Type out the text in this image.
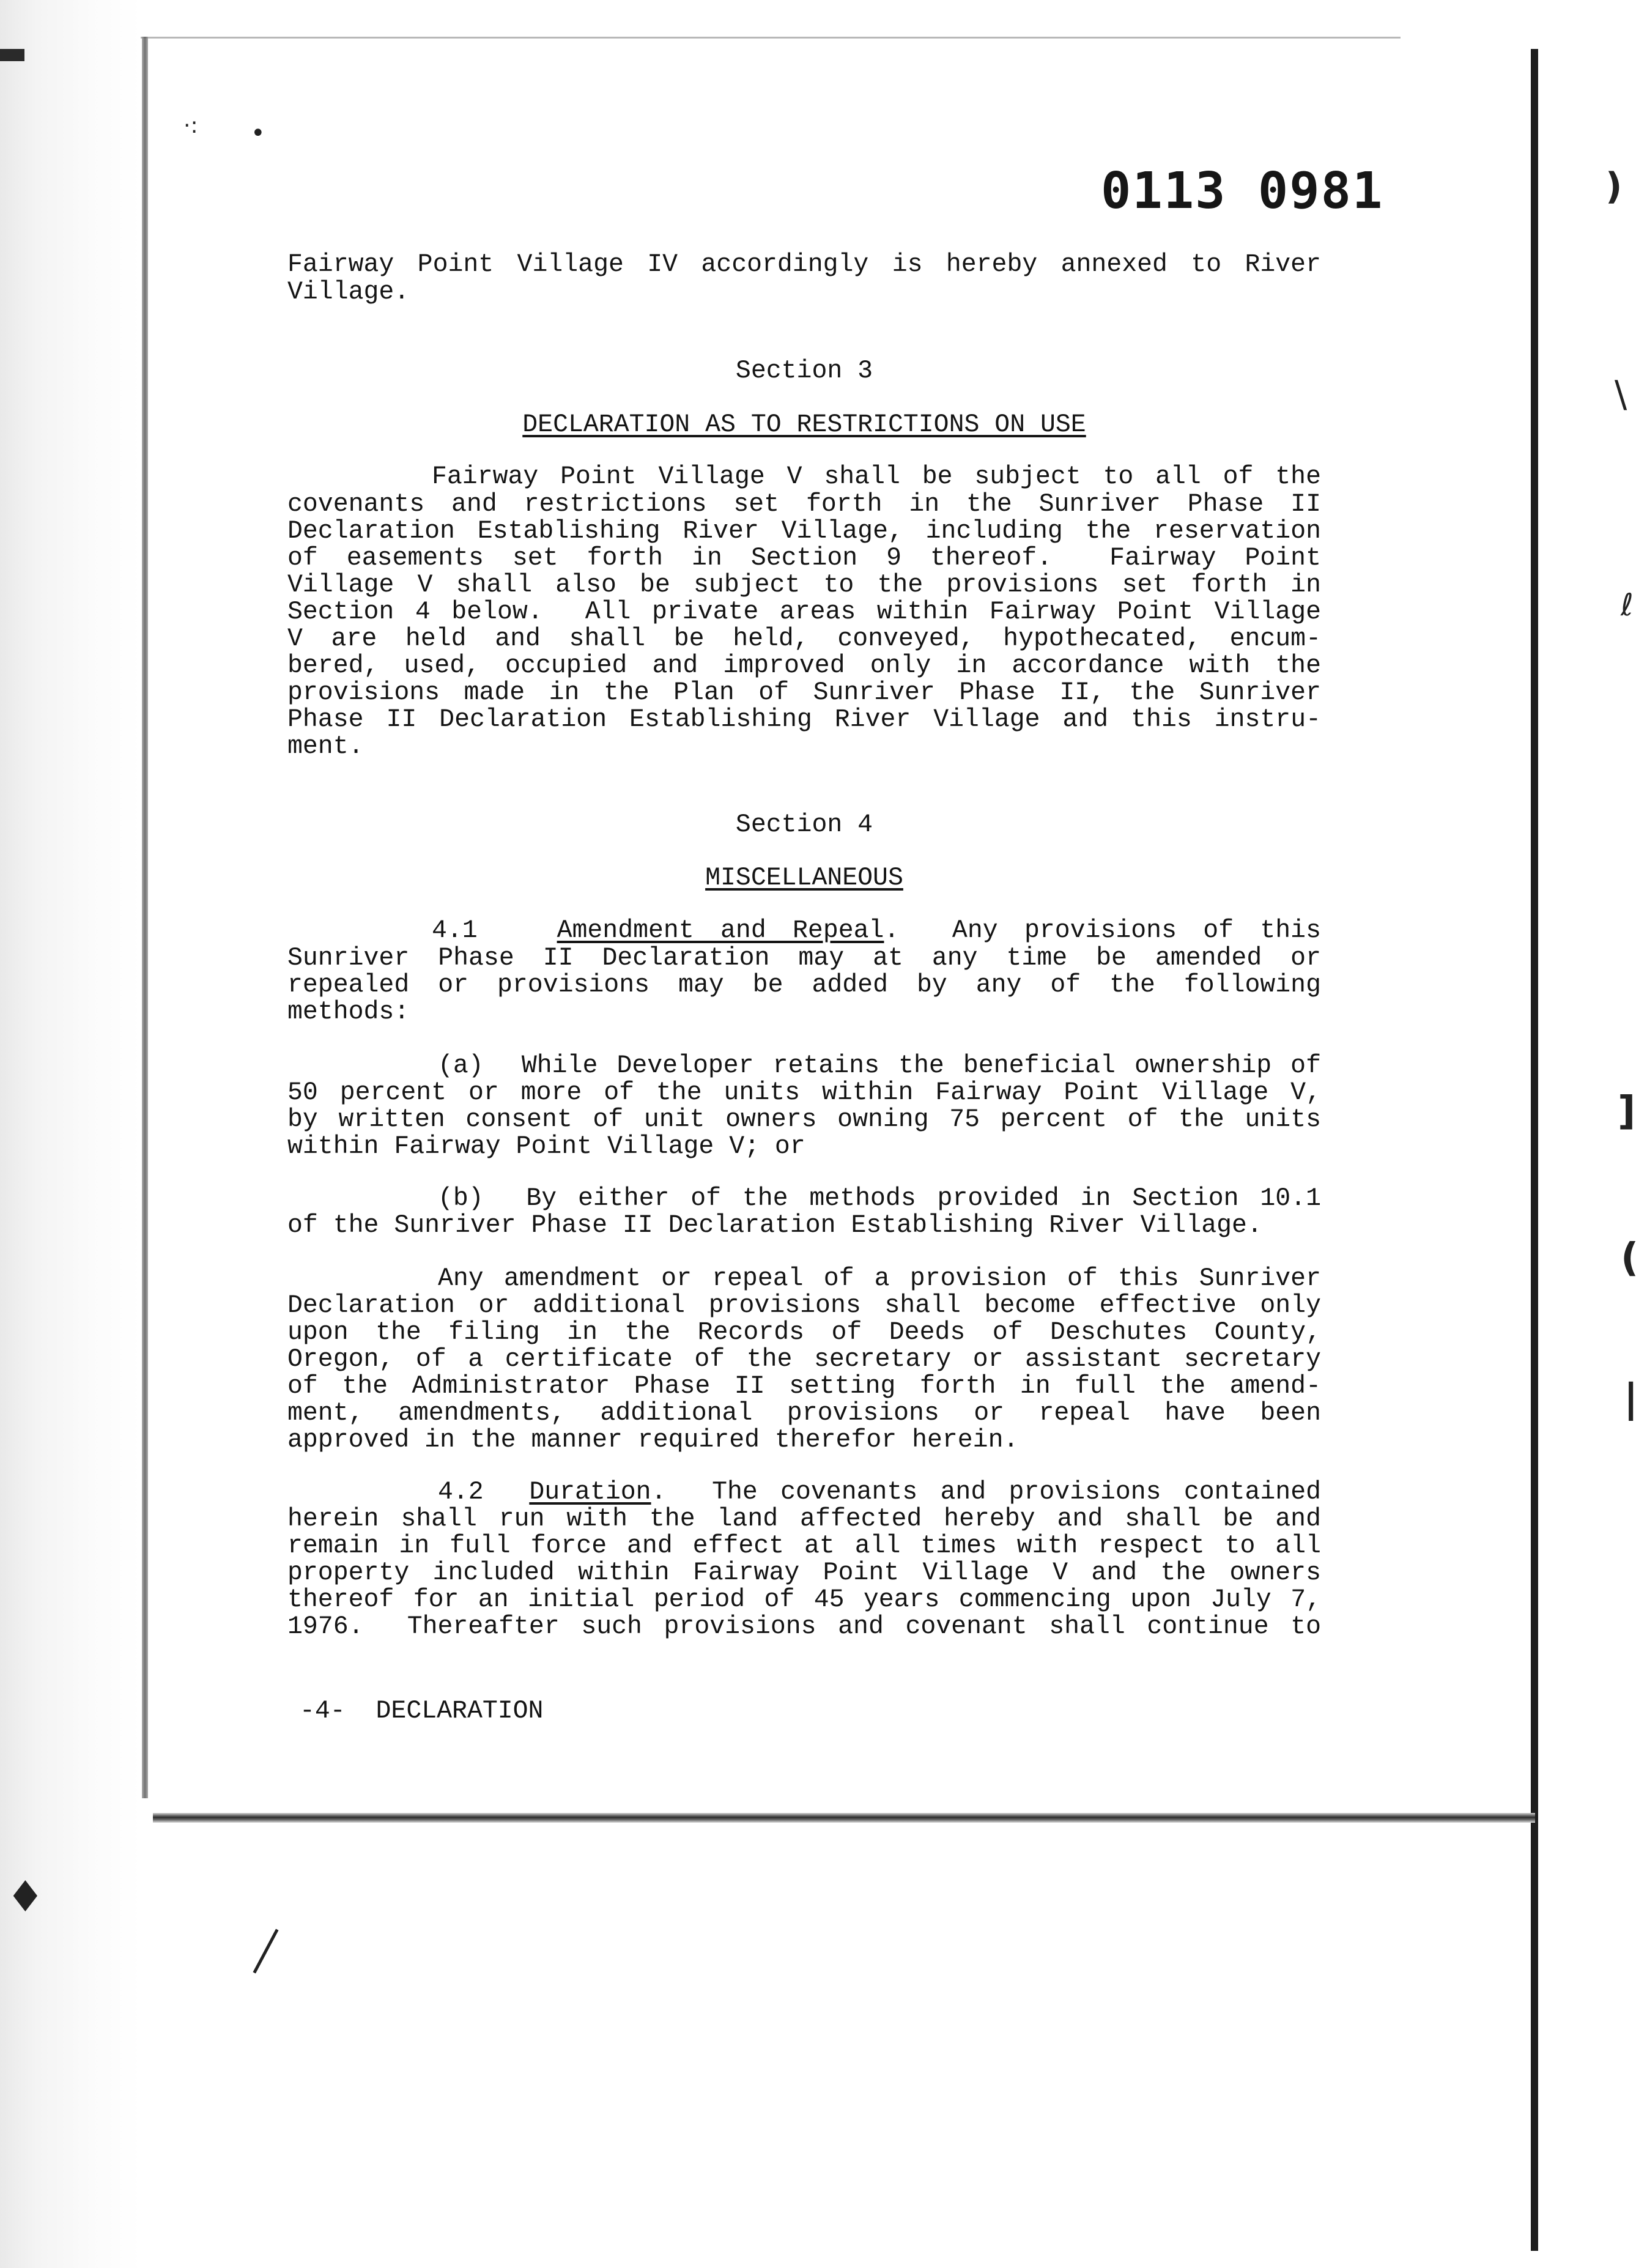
·: •
)
\
ℓ
]
(
|
♦
0113 0981

Fairway Point Village IV accordingly is hereby annexed to River

Village.

Section 3

DECLARATION AS TO RESTRICTIONS ON USE

Fairway Point Village V shall be subject to all of the

covenants and restrictions set forth in the Sunriver Phase II

Declaration Establishing River Village, including the reservation

of easements set forth in Section 9 thereof.  Fairway Point

Village V shall also be subject to the provisions set forth in

Section 4 below.  All private areas within Fairway Point Village

V are held and shall be held, conveyed, hypothecated, encum-

bered, used, occupied and improved only in accordance with the

provisions made in the Plan of Sunriver Phase II, the Sunriver

Phase II Declaration Establishing River Village and this instru-

ment.

Section 4

MISCELLANEOUS

4.1	Amendment and Repeal.  Any provisions of this

Sunriver Phase II Declaration may at any time be amended or

repealed or provisions may be added by any of the following

methods:

(a)  While Developer retains the beneficial ownership of

50 percent or more of the units within Fairway Point Village V,

by written consent of unit owners owning 75 percent of the units

within Fairway Point Village V; or

(b)  By either of the methods provided in Section 10.1

of the Sunriver Phase II Declaration Establishing River Village.

Any amendment or repeal of a provision of this Sunriver

Declaration or additional provisions shall become effective only

upon the filing in the Records of Deeds of Deschutes County,

Oregon, of a certificate of the secretary or assistant secretary

of the Administrator Phase II setting forth in full the amend-

ment, amendments, additional provisions or repeal have been

approved in the manner required therefor herein.

4.2 Duration.  The covenants and provisions contained

herein shall run with the land affected hereby and shall be and

remain in full force and effect at all times with respect to all

property included within Fairway Point Village V and the owners

thereof for an initial period of 45 years commencing upon July 7,

1976.  Thereafter such provisions and covenant shall continue to

-4-  DECLARATION
